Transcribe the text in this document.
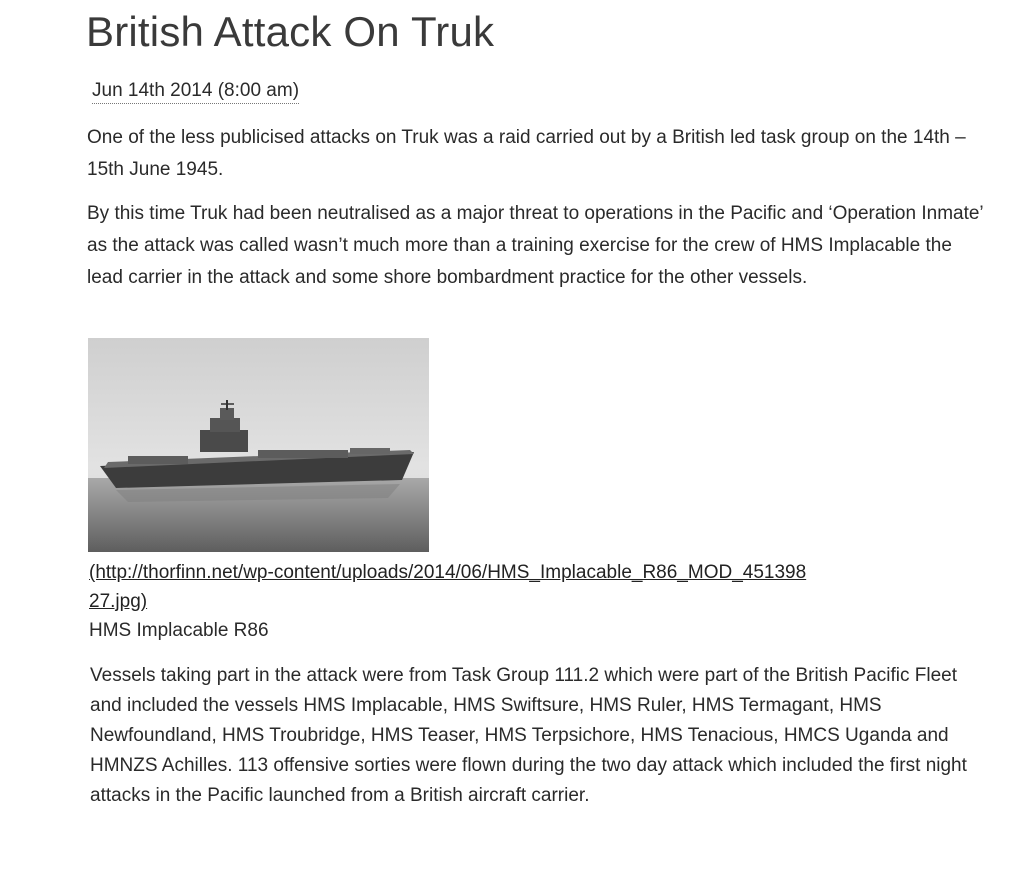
British Attack On Truk
Jun 14th 2014 (8:00 am)

One of the less publicised attacks on Truk was a raid carried out by a British led task group on the 14th – 15th June 1945.

By this time Truk had been neutralised as a major threat to operations in the Pacific and ‘Operation Inmate’ as the attack was called wasn’t much more than a training exercise for the crew of HMS Implacable the lead carrier in the attack and some shore bombardment practice for the other vessels.

(http://thorfinn.net/wp-content/uploads/2014/06/HMS_Implacable_R86_MOD_45139827.jpg)
HMS Implacable R86

Vessels taking part in the attack were from Task Group 111.2 which were part of the British Pacific Fleet and included the vessels HMS Implacable, HMS Swiftsure, HMS Ruler, HMS Termagant, HMS Newfoundland, HMS Troubridge, HMS Teaser, HMS Terpsichore, HMS Tenacious, HMCS Uganda and HMNZS Achilles. 113 offensive sorties were flown during the two day attack which included the first night attacks in the Pacific launched from a British aircraft carrier.
